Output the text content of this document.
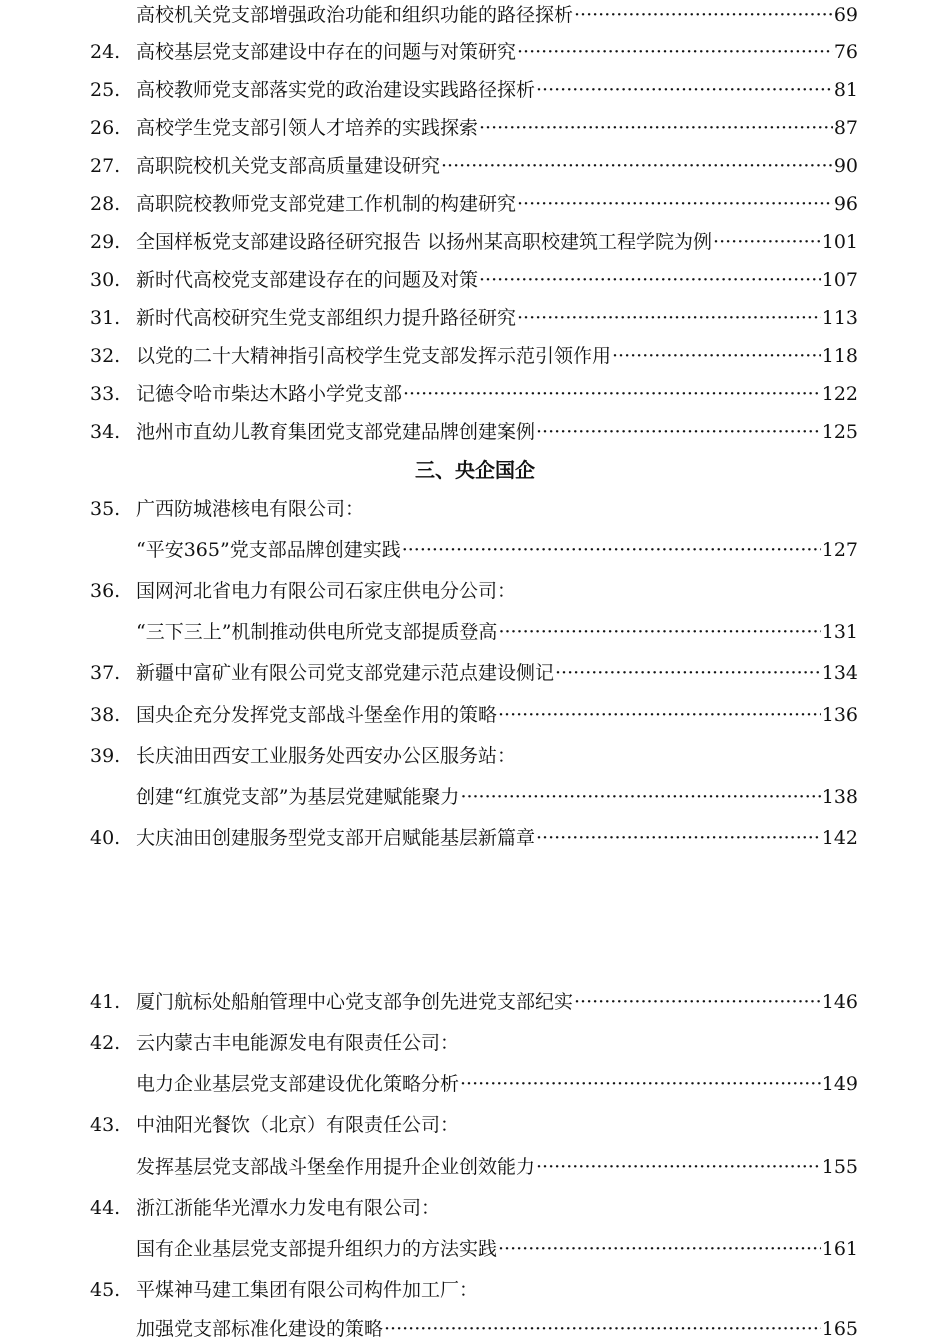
高校机关党支部增强政治功能和组织功能的路径探析 ·····	69
24. 高校基层党支部建设中存在的问题与对策研究 ·····	76
25. 高校教师党支部落实党的政治建设实践路径探析 ·····	81
26. 高校学生党支部引领人才培养的实践探索 ·····	87
27. 高职院校机关党支部高质量建设研究 ·····	90
28. 高职院校教师党支部党建工作机制的构建研究 ·····	96
29. 全国样板党支部建设路径研究报告 以扬州某高职校建筑工程学院为例 ·····	101
30. 新时代高校党支部建设存在的问题及对策 ·····	107
31. 新时代高校研究生党支部组织力提升路径研究 ·····	113
32. 以党的二十大精神指引高校学生党支部发挥示范引领作用 ·····	118
33. 记德令哈市柴达木路小学党支部 ·····	122
34. 池州市直幼儿教育集团党支部党建品牌创建案例 ·····	125
三、央企国企
35. 广西防城港核电有限公司：
“平安365”党支部品牌创建实践 ·····	127
36. 国网河北省电力有限公司石家庄供电分公司：
“三下三上”机制推动供电所党支部提质登高 ·····	131
37. 新疆中富矿业有限公司党支部党建示范点建设侧记 ·····	134
38. 国央企充分发挥党支部战斗堡垒作用的策略 ·····	136
39. 长庆油田西安工业服务处西安办公区服务站：
创建“红旗党支部”为基层党建赋能聚力 ·····	138
40. 大庆油田创建服务型党支部开启赋能基层新篇章 ·····	142
41. 厦门航标处船舶管理中心党支部争创先进党支部纪实 ·····	146
42. 云内蒙古丰电能源发电有限责任公司：
电力企业基层党支部建设优化策略分析 ·····	149
43. 中油阳光餐饮（北京）有限责任公司：
发挥基层党支部战斗堡垒作用提升企业创效能力 ·····	155
44. 浙江浙能华光潭水力发电有限公司：
国有企业基层党支部提升组织力的方法实践 ·····	161
45. 平煤神马建工集团有限公司构件加工厂：
加强党支部标准化建设的策略 ·····	165
